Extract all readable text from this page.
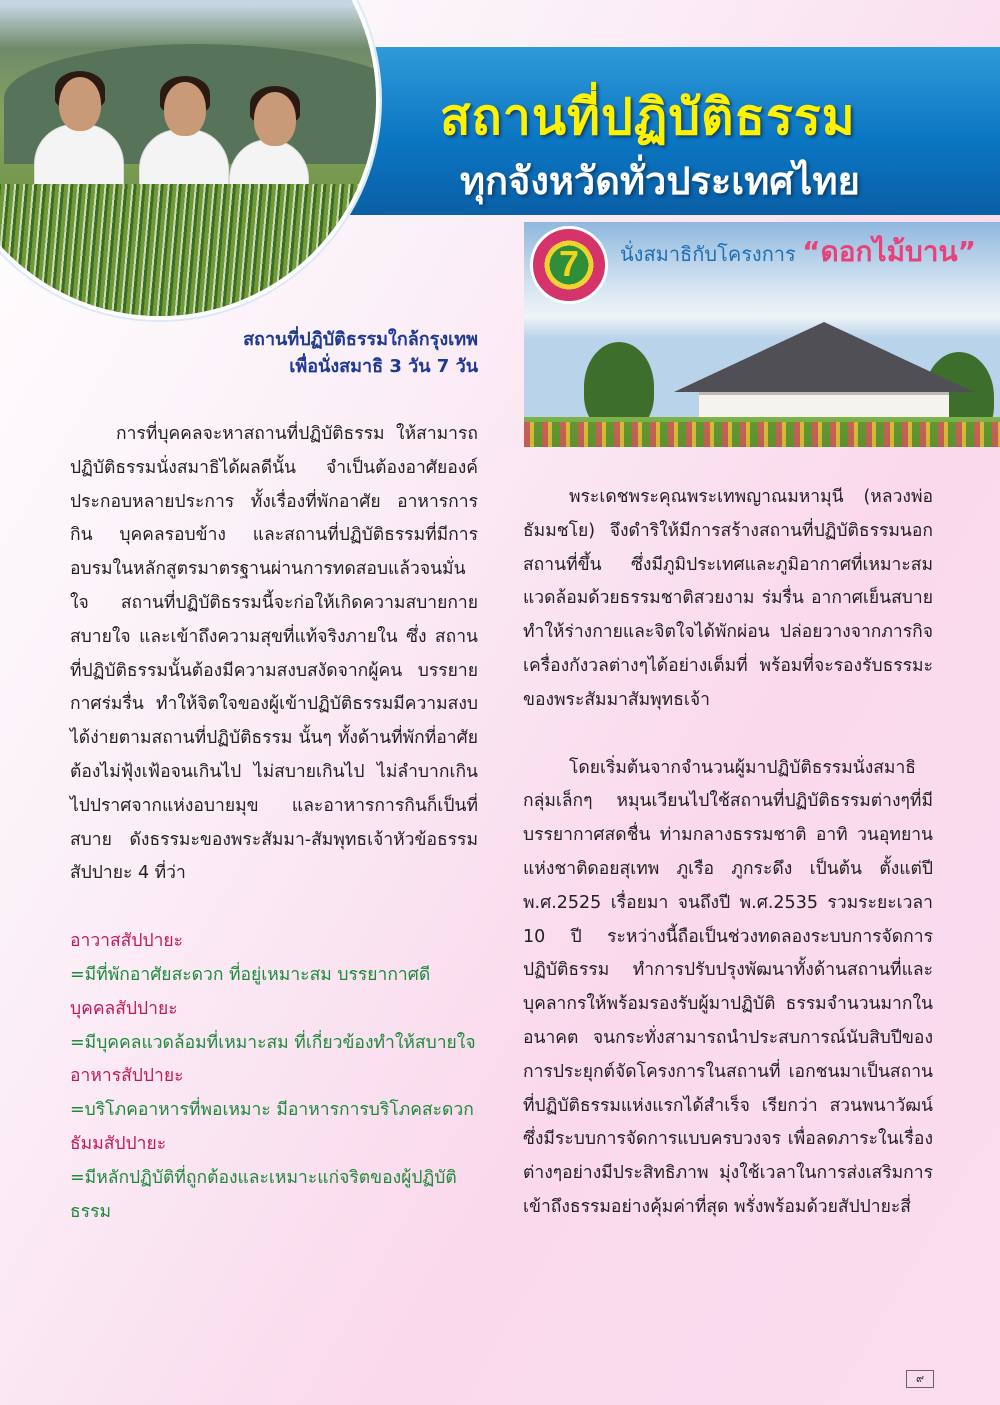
สถานที่ปฏิบัติธรรม
ทุกจังหวัดทั่วประเทศไทย
7	นั่งสมาธิกับโครงการ “ดอกไม้บาน”
สถานที่ปฏิบัติธรรมใกล้กรุงเทพ
เพื่อนั่งสมาธิ 3 วัน 7 วัน

การที่บุคคลจะหาสถานที่ปฏิบัติธรรม ให้สามารถปฏิบัติธรรมนั่งสมาธิได้ผลดีนั้น จำเป็นต้องอาศัยองค์ประกอบหลายประการ ทั้งเรื่องที่พักอาศัย อาหารการกิน บุคคลรอบข้าง และสถานที่ปฏิบัติธรรมที่มีการอบรมในหลักสูตรมาตรฐานผ่านการทดสอบแล้วจนมั่น ใจ สถานที่ปฏิบัติธรรมนี้จะก่อให้เกิดความสบายกายสบายใจ และเข้าถึงความสุขที่แท้จริงภายใน ซึ่ง สถานที่ปฏิบัติธรรมนั้นต้องมีความสงบสงัดจากผู้คน บรรยายกาศร่มรื่น ทำให้จิตใจของผู้เข้าปฏิบัติธรรมมีความสงบได้ง่ายตามสถานที่ปฏิบัติธรรม นั้นๆ ทั้งด้านที่พักที่อาศัยต้องไม่ฟุ้งเฟ้อจนเกินไป ไม่สบายเกินไป ไม่ลำบากเกินไปปราศจากแห่งอบายมุข และอาหารการกินก็เป็นที่สบาย ดังธรรมะของพระสัมมา-สัมพุทธเจ้าหัวข้อธรรม สัปปายะ 4 ที่ว่า

อาวาสสัปปายะ
=มีที่พักอาศัยสะดวก ที่อยู่เหมาะสม บรรยากาศดี
บุคคลสัปปายะ
=มีบุคคลแวดล้อมที่เหมาะสม ที่เกี่ยวข้องทำให้สบายใจ
อาหารสัปปายะ
=บริโภคอาหารที่พอเหมาะ มีอาหารการบริโภคสะดวก
ธัมมสัปปายะ
=มีหลักปฏิบัติที่ถูกต้องและเหมาะแก่จริตของผู้ปฏิบัติธรรม

พระเดชพระคุณพระเทพญาณมหามุนี (หลวงพ่อธัมมชโย) จึงดำริให้มีการสร้างสถานที่ปฏิบัติธรรมนอกสถานที่ขึ้น ซึ่งมีภูมิประเทศและภูมิอากาศที่เหมาะสม แวดล้อมด้วยธรรมชาติสวยงาม ร่มรื่น อากาศเย็นสบาย ทำให้ร่างกายและจิตใจได้พักผ่อน ปล่อยวางจากภารกิจเครื่องกังวลต่างๆได้อย่างเต็มที่ พร้อมที่จะรองรับธรรมะของพระสัมมาสัมพุทธเจ้า

โดยเริ่มต้นจากจำนวนผู้มาปฏิบัติธรรมนั่งสมาธิกลุ่มเล็กๆ หมุนเวียนไปใช้สถานที่ปฏิบัติธรรมต่างๆที่มีบรรยากาศสดชื่น ท่ามกลางธรรมชาติ อาทิ วนอุทยานแห่งชาติดอยสุเทพ ภูเรือ ภูกระดึง เป็นต้น ตั้งแต่ปี พ.ศ.2525 เรื่อยมา จนถึงปี พ.ศ.2535 รวมระยะเวลา 10 ปี ระหว่างนี้ถือเป็นช่วงทดลองระบบการจัดการปฏิบัติธรรม ทำการปรับปรุงพัฒนาทั้งด้านสถานที่และบุคลากรให้พร้อมรองรับผู้มาปฏิบัติ ธรรมจำนวนมากในอนาคต จนกระทั่งสามารถนำประสบการณ์นับสิบปีของการประยุกต์จัดโครงการในสถานที่ เอกชนมาเป็นสถานที่ปฏิบัติธรรมแห่งแรกได้สำเร็จ เรียกว่า สวนพนาวัฒน์ ซึ่งมีระบบการจัดการแบบครบวงจร เพื่อลดภาระในเรื่องต่างๆอย่างมีประสิทธิภาพ มุ่งใช้เวลาในการส่งเสริมการเข้าถึงธรรมอย่างคุ้มค่าที่สุด พรั่งพร้อมด้วยสัปปายะสี่

๙
